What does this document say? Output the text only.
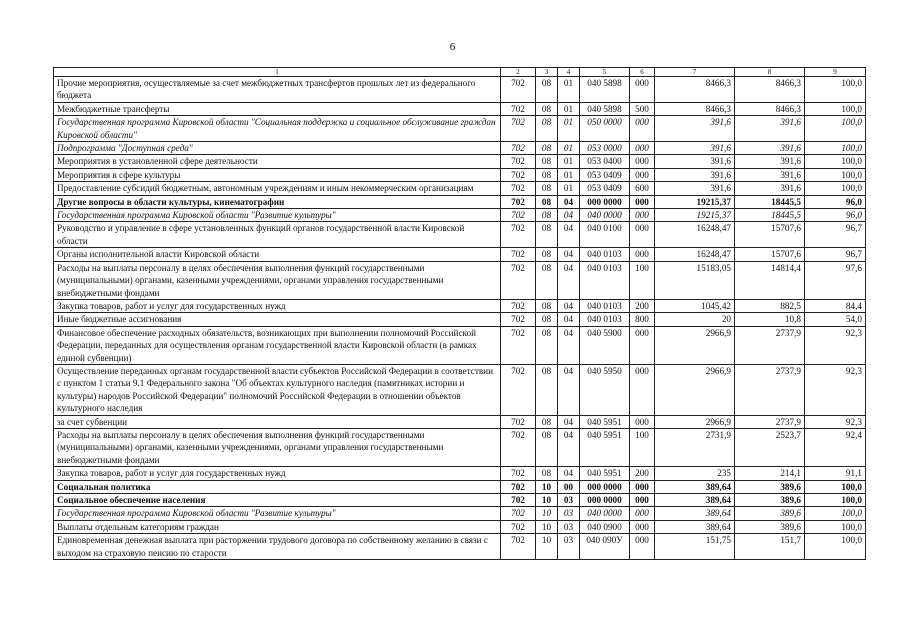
6
1	2	3	4	5	6	7	8	9
Прочие мероприятия, осуществляемые за счет межбюджетных трансфертов прошлых лет из федерального бюджета	702	08	01	040 5898	000	8466,3	8466,3	100,0
Межбюджетные трансферты	702	08	01	040 5898	500	8466,3	8466,3	100,0
Государственная программа Кировской области "Социальная поддержка и социальное обслуживание граждан Кировской области"	702	08	01	050 0000	000	391,6	391,6	100,0
Подпрограмма "Доступная среда"	702	08	01	053 0000	000	391,6	391,6	100,0
Мероприятия в установленной сфере деятельности	702	08	01	053 0400	000	391,6	391,6	100,0
Мероприятия в сфере культуры	702	08	01	053 0409	000	391,6	391,6	100,0
Предоставление субсидий бюджетным, автономным учреждениям и иным некоммерческим организациям	702	08	01	053 0409	600	391,6	391,6	100,0
Другие вопросы в области культуры, кинематографии	702	08	04	000 0000	000	19215,37	18445,5	96,0
Государственная программа Кировской области "Развитие культуры"	702	08	04	040 0000	000	19215,37	18445,5	96,0
Руководство и управление в сфере установленных функций органов государственной власти Кировской области	702	08	04	040 0100	000	16248,47	15707,6	96,7
Органы исполнительной власти Кировской области	702	08	04	040 0103	000	16248,47	15707,6	96,7
Расходы на выплаты персоналу в целях обеспечения выполнения функций государственными (муниципальными) органами, казенными учреждениями, органами управления государственными внебюджетными фондами	702	08	04	040 0103	100	15183,05	14814,4	97,6
Закупка товаров, работ и услуг для государственных нужд	702	08	04	040 0103	200	1045,42	882,5	84,4
Иные бюджетные ассигнования	702	08	04	040 0103	800	20	10,8	54,0
Финансовое обеспечение расходных обязательств, возникающих при выполнении полномочий Российской Федерации, переданных для осуществления органам государственной власти Кировской области (в рамках единой субвенции)	702	08	04	040 5900	000	2966,9	2737,9	92,3
Осуществление переданных органам государственной власти субъектов Российской Федерации в соответствии с пунктом 1 статьи 9.1 Федерального закона "Об объектах культурного наследия (памятниках истории и культуры) народов Российской Федерации" полномочий Российской Федерации в отношении объектов культурного наследия	702	08	04	040 5950	000	2966,9	2737,9	92,3
за счет субвенции	702	08	04	040 5951	000	2966,9	2737,9	92,3
Расходы на выплаты персоналу в целях обеспечения выполнения функций государственными (муниципальными) органами, казенными учреждениями, органами управления государственными внебюджетными фондами	702	08	04	040 5951	100	2731,9	2523,7	92,4
Закупка товаров, работ и услуг для государственных нужд	702	08	04	040 5951	200	235	214,1	91,1
Социальная политика	702	10	00	000 0000	000	389,64	389,6	100,0
Социальное обеспечение населения	702	10	03	000 0000	000	389,64	389,6	100,0
Государственная программа Кировской области "Развитие культуры"	702	10	03	040 0000	000	389,64	389,6	100,0
Выплаты отдельным категориям граждан	702	10	03	040 0900	000	389,64	389,6	100,0
Единовременная денежная выплата при расторжении трудового договора по собственному желанию в связи с выходом на страховую пенсию по старости	702	10	03	040 090У	000	151,75	151,7	100,0
